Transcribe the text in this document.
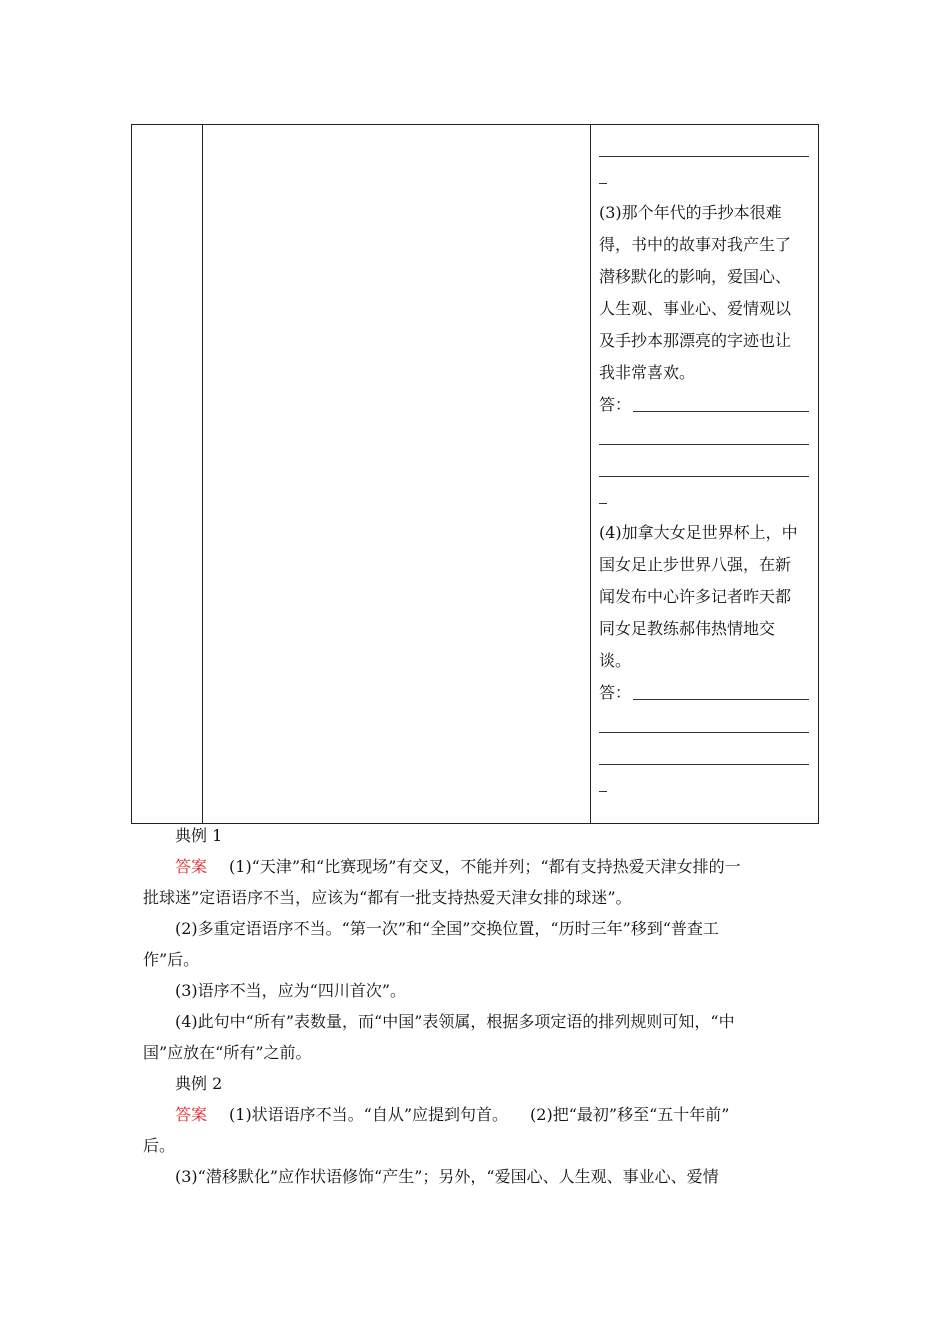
(3)那个年代的手抄本很难
得，书中的故事对我产生了
潜移默化的影响，爱国心、
人生观、事业心、爱情观以
及手抄本那漂亮的字迹也让
我非常喜欢。
答：
(4)加拿大女足世界杯上，中
国女足止步世界八强，在新
闻发布中心许多记者昨天都
同女足教练郝伟热情地交
谈。
答：
典例 1
答案 (1)“天津”和“比赛现场”有交叉，不能并列；“都有支持热爱天津女排的一
批球迷”定语语序不当，应该为“都有一批支持热爱天津女排的球迷”。
(2)多重定语语序不当。“第一次”和“全国”交换位置，“历时三年”移到“普查工
作”后。
(3)语序不当，应为“四川首次”。
(4)此句中“所有”表数量，而“中国”表领属，根据多项定语的排列规则可知，“中
国”应放在“所有”之前。
典例 2
答案 (1)状语语序不当。“自从”应提到句首。 (2)把“最初”移至“五十年前”
后。
(3)“潜移默化”应作状语修饰“产生”；另外，“爱国心、人生观、事业心、爱情
